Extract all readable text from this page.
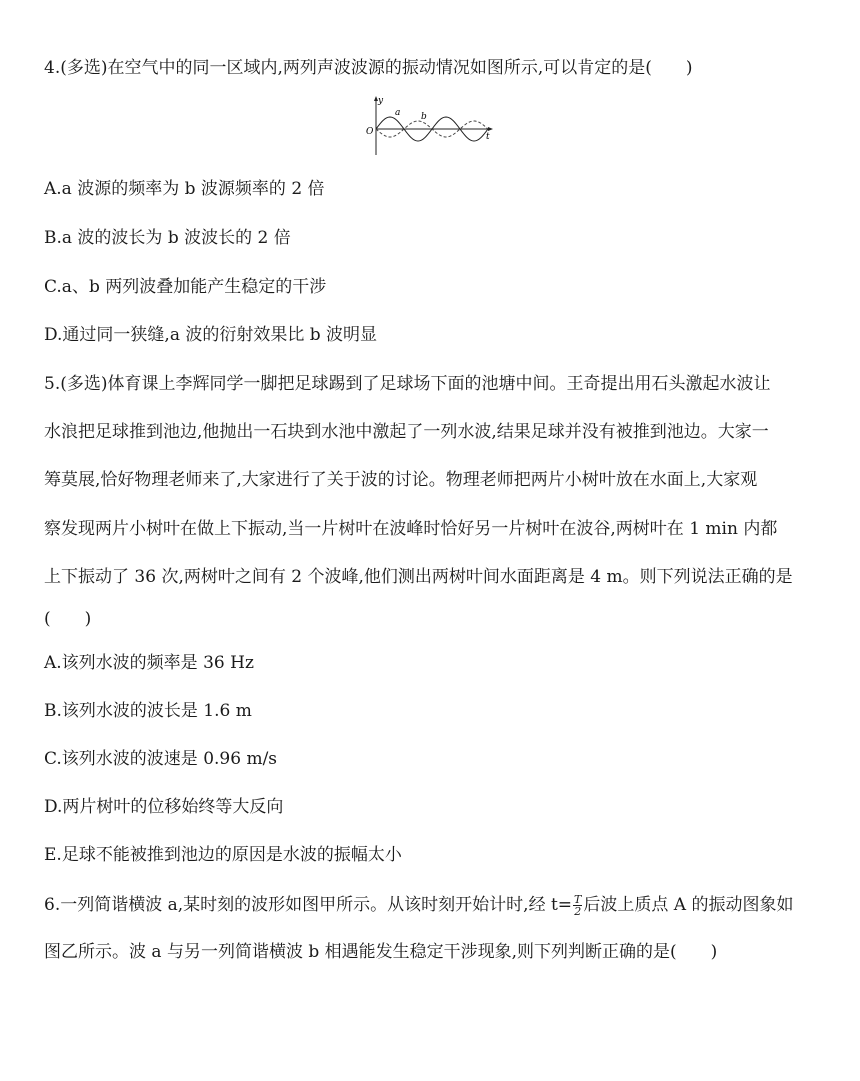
4.(多选)在空气中的同一区域内,两列声波波源的振动情况如图所示,可以肯定的是(　　)
y
O	t
a b
A.a 波源的频率为 b 波源频率的 2 倍
B.a 波的波长为 b 波波长的 2 倍
C.a、b 两列波叠加能产生稳定的干涉
D.通过同一狭缝,a 波的衍射效果比 b 波明显
5.(多选)体育课上李辉同学一脚把足球踢到了足球场下面的池塘中间。王奇提出用石头激起水波让
水浪把足球推到池边,他抛出一石块到水池中激起了一列水波,结果足球并没有被推到池边。大家一
筹莫展,恰好物理老师来了,大家进行了关于波的讨论。物理老师把两片小树叶放在水面上,大家观
察发现两片小树叶在做上下振动,当一片树叶在波峰时恰好另一片树叶在波谷,两树叶在 1 min 内都
上下振动了 36 次,两树叶之间有 2 个波峰,他们测出两树叶间水面距离是 4 m。则下列说法正确的是
(　　)
A.该列水波的频率是 36 Hz
B.该列水波的波长是 1.6 m
C.该列水波的波速是 0.96 m/s
D.两片树叶的位移始终等大反向
E.足球不能被推到池边的原因是水波的振幅太小
6.一列简谐横波 a,某时刻的波形如图甲所示。从该时刻开始计时,经 $t= \frac{T}{2}$ 后波上质点 A 的振动图象如
图乙所示。波 a 与另一列简谐横波 b 相遇能发生稳定干涉现象,则下列判断正确的是(　　)
